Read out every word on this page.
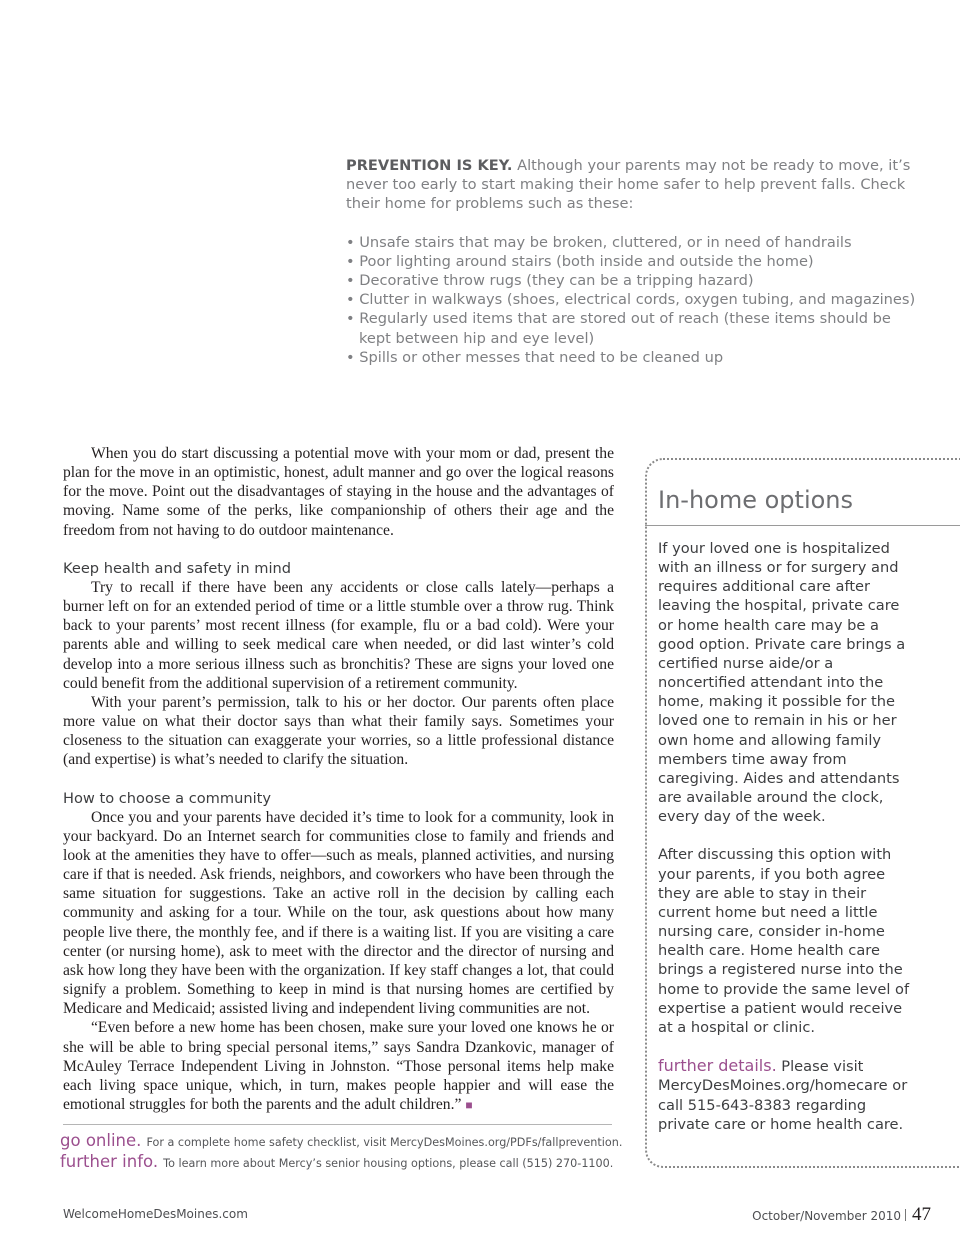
PREVENTION IS KEY. Although your parents may not be ready to move, it’s never too early to start making their home safer to help prevent falls. Check their home for problems such as these:

• Unsafe stairs that may be broken, cluttered, or in need of handrails
• Poor lighting around stairs (both inside and outside the home)
• Decorative throw rugs (they can be a tripping hazard)
• Clutter in walkways (shoes, electrical cords, oxygen tubing, and magazines)
• Regularly used items that are stored out of reach (these items should be kept between hip and eye level)
• Spills or other messes that need to be cleaned up

When you do start discussing a potential move with your mom or dad, present the plan for the move in an optimistic, honest, adult manner and go over the logical reasons for the move. Point out the disadvantages of staying in the house and the advantages of moving. Name some of the perks, like companionship of others their age and the freedom from not having to do outdoor maintenance.

Keep health and safety in mind

Try to recall if there have been any accidents or close calls lately—perhaps a burner left on for an extended period of time or a little stumble over a throw rug. Think back to your parents’ most recent illness (for example, flu or a bad cold). Were your parents able and willing to seek medical care when needed, or did last winter’s cold develop into a more serious illness such as bronchitis? These are signs your loved one could benefit from the additional supervision of a retirement community.

With your parent’s permission, talk to his or her doctor. Our parents often place more value on what their doctor says than what their family says. Sometimes your closeness to the situation can exaggerate your worries, so a little professional distance (and expertise) is what’s needed to clarify the situation.

How to choose a community

Once you and your parents have decided it’s time to look for a community, look in your backyard. Do an Internet search for communities close to family and friends and look at the amenities they have to offer—such as meals, planned activities, and nursing care if that is needed. Ask friends, neighbors, and coworkers who have been through the same situation for suggestions. Take an active roll in the decision by calling each community and asking for a tour. While on the tour, ask questions about how many people live there, the monthly fee, and if there is a waiting list. If you are visiting a care center (or nursing home), ask to meet with the director and the director of nursing and ask how long they have been with the organization. If key staff changes a lot, that could signify a problem. Something to keep in mind is that nursing homes are certified by Medicare and Medicaid; assisted living and independent living communities are not.

“Even before a new home has been chosen, make sure your loved one knows he or she will be able to bring special personal items,” says Sandra Dzankovic, manager of McAuley Terrace Independent Living in Johnston. “Those personal items help make each living space unique, which, in turn, makes people happier and will ease the emotional struggles for both the parents and the adult children.” ■

go online. For a complete home safety checklist, visit MercyDesMoines.org/PDFs/fallprevention.
further info. To learn more about Mercy’s senior housing options, please call (515) 270-1100.
In-home options

If your loved one is hospitalized with an illness or for surgery and requires additional care after leaving the hospital, private care or home health care may be a good option. Private care brings a certified nurse aide/or a noncertified attendant into the home, making it possible for the loved one to remain in his or her own home and allowing family members time away from caregiving. Aides and attendants are available around the clock, every day of the week.

After discussing this option with your parents, if you both agree they are able to stay in their current home but need a little nursing care, consider in-home health care. Home health care brings a registered nurse into the home to provide the same level of expertise a patient would receive at a hospital or clinic.

further details. Please visit MercyDesMoines.org/homecare or call 515-643-8383 regarding private care or home health care.

WelcomeHomeDesMoines.com	October/November 2010 47
